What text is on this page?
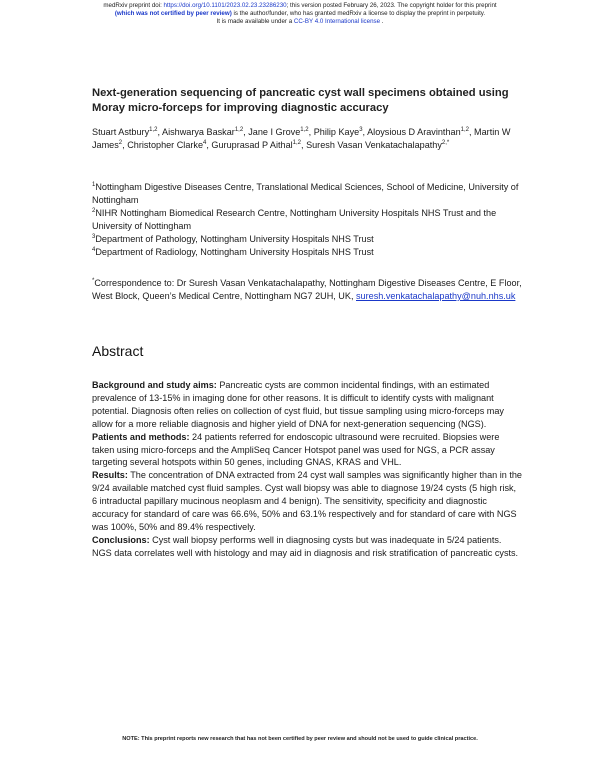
medRxiv preprint doi: https://doi.org/10.1101/2023.02.23.23286230; this version posted February 26, 2023. The copyright holder for this preprint
(which was not certified by peer review) is the author/funder, who has granted medRxiv a license to display the preprint in perpetuity.
It is made available under a CC-BY 4.0 International license .
Next-generation sequencing of pancreatic cyst wall specimens obtained using Moray micro-forceps for improving diagnostic accuracy
Stuart Astbury$^{1,2}$, Aishwarya Baskar$^{1,2}$, Jane I Grove$^{1,2}$, Philip Kaye$^3$, Aloysious D Aravinthan$^{1,2}$, Martin W James$^2$, Christopher Clarke$^4$, Guruprasad P Aithal$^{1,2}$, Suresh Vasan Venkatachalapathy$^{2,*}$

$^1$Nottingham Digestive Diseases Centre, Translational Medical Sciences, School of Medicine, University of Nottingham

$^2$NIHR Nottingham Biomedical Research Centre, Nottingham University Hospitals NHS Trust and the University of Nottingham

$^3$Department of Pathology, Nottingham University Hospitals NHS Trust

$^4$Department of Radiology, Nottingham University Hospitals NHS Trust

*Correspondence to: Dr Suresh Vasan Venkatachalapathy, Nottingham Digestive Diseases Centre, E Floor, West Block, Queen’s Medical Centre, Nottingham NG7 2UH, UK, suresh.venkatachalapathy@nuh.nhs.uk
Abstract

Background and study aims: Pancreatic cysts are common incidental findings, with an estimated prevalence of 13-15% in imaging done for other reasons. It is difficult to identify cysts with malignant potential. Diagnosis often relies on collection of cyst fluid, but tissue sampling using micro-forceps may allow for a more reliable diagnosis and higher yield of DNA for next-generation sequencing (NGS).

Patients and methods: 24 patients referred for endoscopic ultrasound were recruited. Biopsies were taken using micro-forceps and the AmpliSeq Cancer Hotspot panel was used for NGS, a PCR assay targeting several hotspots within 50 genes, including GNAS, KRAS and VHL.

Results: The concentration of DNA extracted from 24 cyst wall samples was significantly higher than in the 9/24 available matched cyst fluid samples. Cyst wall biopsy was able to diagnose 19/24 cysts (5 high risk, 6 intraductal papillary mucinous neoplasm and 4 benign). The sensitivity, specificity and diagnostic accuracy for standard of care was 66.6%, 50% and 63.1% respectively and for standard of care with NGS was 100%, 50% and 89.4% respectively.

Conclusions: Cyst wall biopsy performs well in diagnosing cysts but was inadequate in 5/24 patients. NGS data correlates well with histology and may aid in diagnosis and risk stratification of pancreatic cysts.

NOTE: This preprint reports new research that has not been certified by peer review and should not be used to guide clinical practice.
